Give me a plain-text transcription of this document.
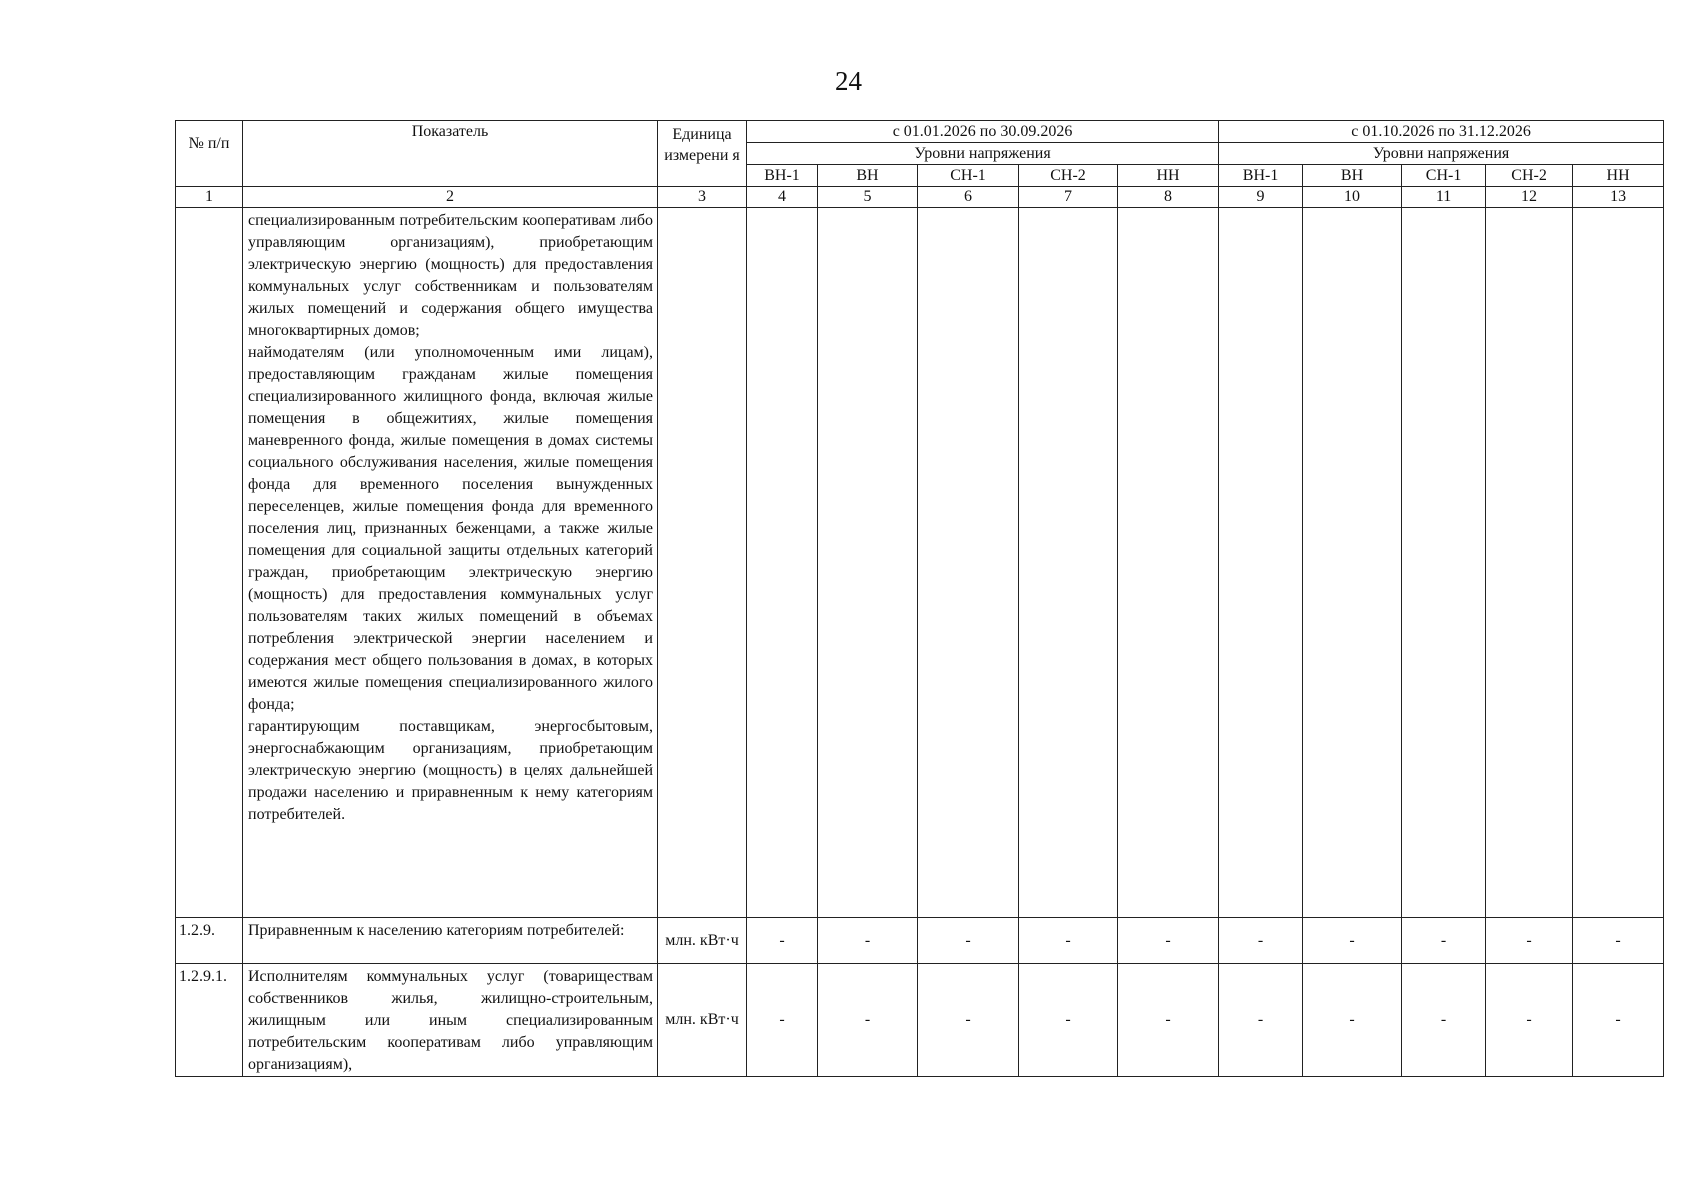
24
№ п/п	Показатель	Единица измерени я	с 01.01.2026 по 30.09.2026					с 01.10.2026 по 31.12.2026				
			Уровни напряжения					Уровни напряжения				
			ВН-1	ВН	СН-1	СН-2	НН	ВН-1	ВН	СН-1	СН-2	НН
1	2	3	4	5	6	7	8	9	10	11	12	13

	специализированным потребительским кооперативам либо управляющим организациям), приобретающим электрическую энергию (мощность) для предоставления коммунальных услуг собственникам и пользователям жилых помещений и содержания общего имущества многоквартирных домов;
наймодателям (или уполномоченным ими лицам), предоставляющим гражданам жилые помещения специализированного жилищного фонда, включая жилые помещения в общежитиях, жилые помещения маневренного фонда, жилые помещения в домах системы социального обслуживания населения, жилые помещения фонда для временного поселения вынужденных переселенцев, жилые помещения фонда для временного поселения лиц, признанных беженцами, а также жилые помещения для социальной защиты отдельных категорий граждан, приобретающим электрическую энергию (мощность) для предоставления коммунальных услуг пользователям таких жилых помещений в объемах потребления электрической энергии населением и содержания мест общего пользования в домах, в которых имеются жилые помещения специализированного жилого фонда;
гарантирующим поставщикам, энергосбытовым, энергоснабжающим организациям, приобретающим электрическую энергию (мощность) в целях дальнейшей продажи населению и приравненным к нему категориям потребителей.											

1.2.9.	Приравненным к населению категориям потребителей:	млн. кВт·ч	-	-	-	-	-	-	-	-	-	-
1.2.9.1.	Исполнителям коммунальных услуг (товариществам собственников жилья, жилищно-строительным, жилищным или иным специализированным потребительским кооперативам либо управляющим организациям),	млн. кВт·ч	-	-	-	-	-	-	-	-	-	-
